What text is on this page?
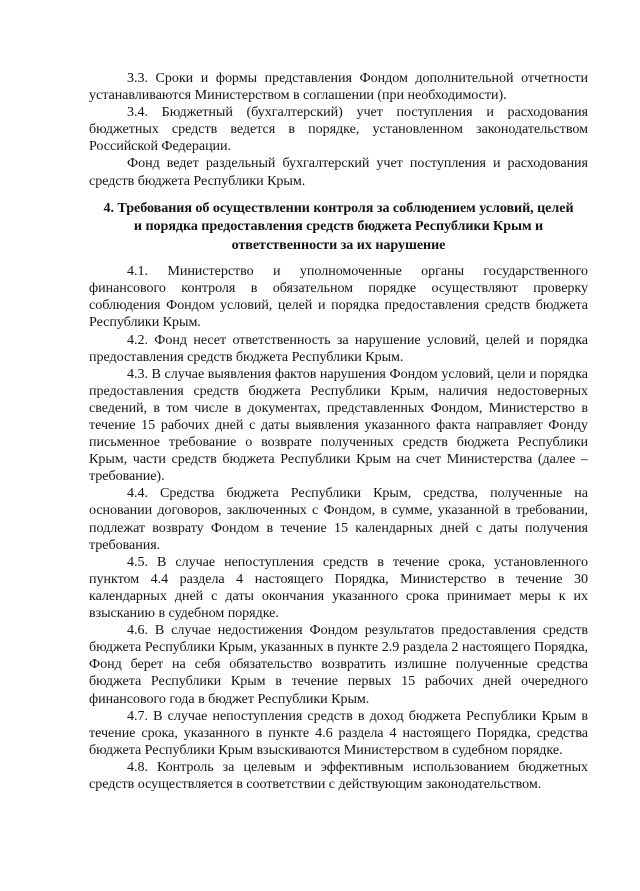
3.3. Сроки и формы представления Фондом дополнительной отчетности устанавливаются Министерством в соглашении (при необходимости).

3.4. Бюджетный (бухгалтерский) учет поступления и расходования бюджетных средств ведется в порядке, установленном законодательством Российской Федерации.

Фонд ведет раздельный бухгалтерский учет поступления и расходования средств бюджета Республики Крым.

4. Требования об осуществлении контроля за соблюдением условий, целей и порядка предоставления средств бюджета Республики Крым и ответственности за их нарушение

4.1. Министерство и уполномоченные органы государственного финансового контроля в обязательном порядке осуществляют проверку соблюдения Фондом условий, целей и порядка предоставления средств бюджета Республики Крым.

4.2. Фонд несет ответственность за нарушение условий, целей и порядка предоставления средств бюджета Республики Крым.

4.3. В случае выявления фактов нарушения Фондом условий, цели и порядка предоставления средств бюджета Республики Крым, наличия недостоверных сведений, в том числе в документах, представленных Фондом, Министерство в течение 15 рабочих дней с даты выявления указанного факта направляет Фонду письменное требование о возврате полученных средств бюджета Республики Крым, части средств бюджета Республики Крым на счет Министерства (далее – требование).

4.4. Средства бюджета Республики Крым, средства, полученные на основании договоров, заключенных с Фондом, в сумме, указанной в требовании, подлежат возврату Фондом в течение 15 календарных дней с даты получения требования.

4.5. В случае непоступления средств в течение срока, установленного пунктом 4.4 раздела 4 настоящего Порядка, Министерство в течение 30 календарных дней с даты окончания указанного срока принимает меры к их взысканию в судебном порядке.

4.6. В случае недостижения Фондом результатов предоставления средств бюджета Республики Крым, указанных в пункте 2.9 раздела 2 настоящего Порядка, Фонд берет на себя обязательство возвратить излишне полученные средства бюджета Республики Крым в течение первых 15 рабочих дней очередного финансового года в бюджет Республики Крым.

4.7. В случае непоступления средств в доход бюджета Республики Крым в течение срока, указанного в пункте 4.6 раздела 4 настоящего Порядка, средства бюджета Республики Крым взыскиваются Министерством в судебном порядке.

4.8. Контроль за целевым и эффективным использованием бюджетных средств осуществляется в соответствии с действующим законодательством.
